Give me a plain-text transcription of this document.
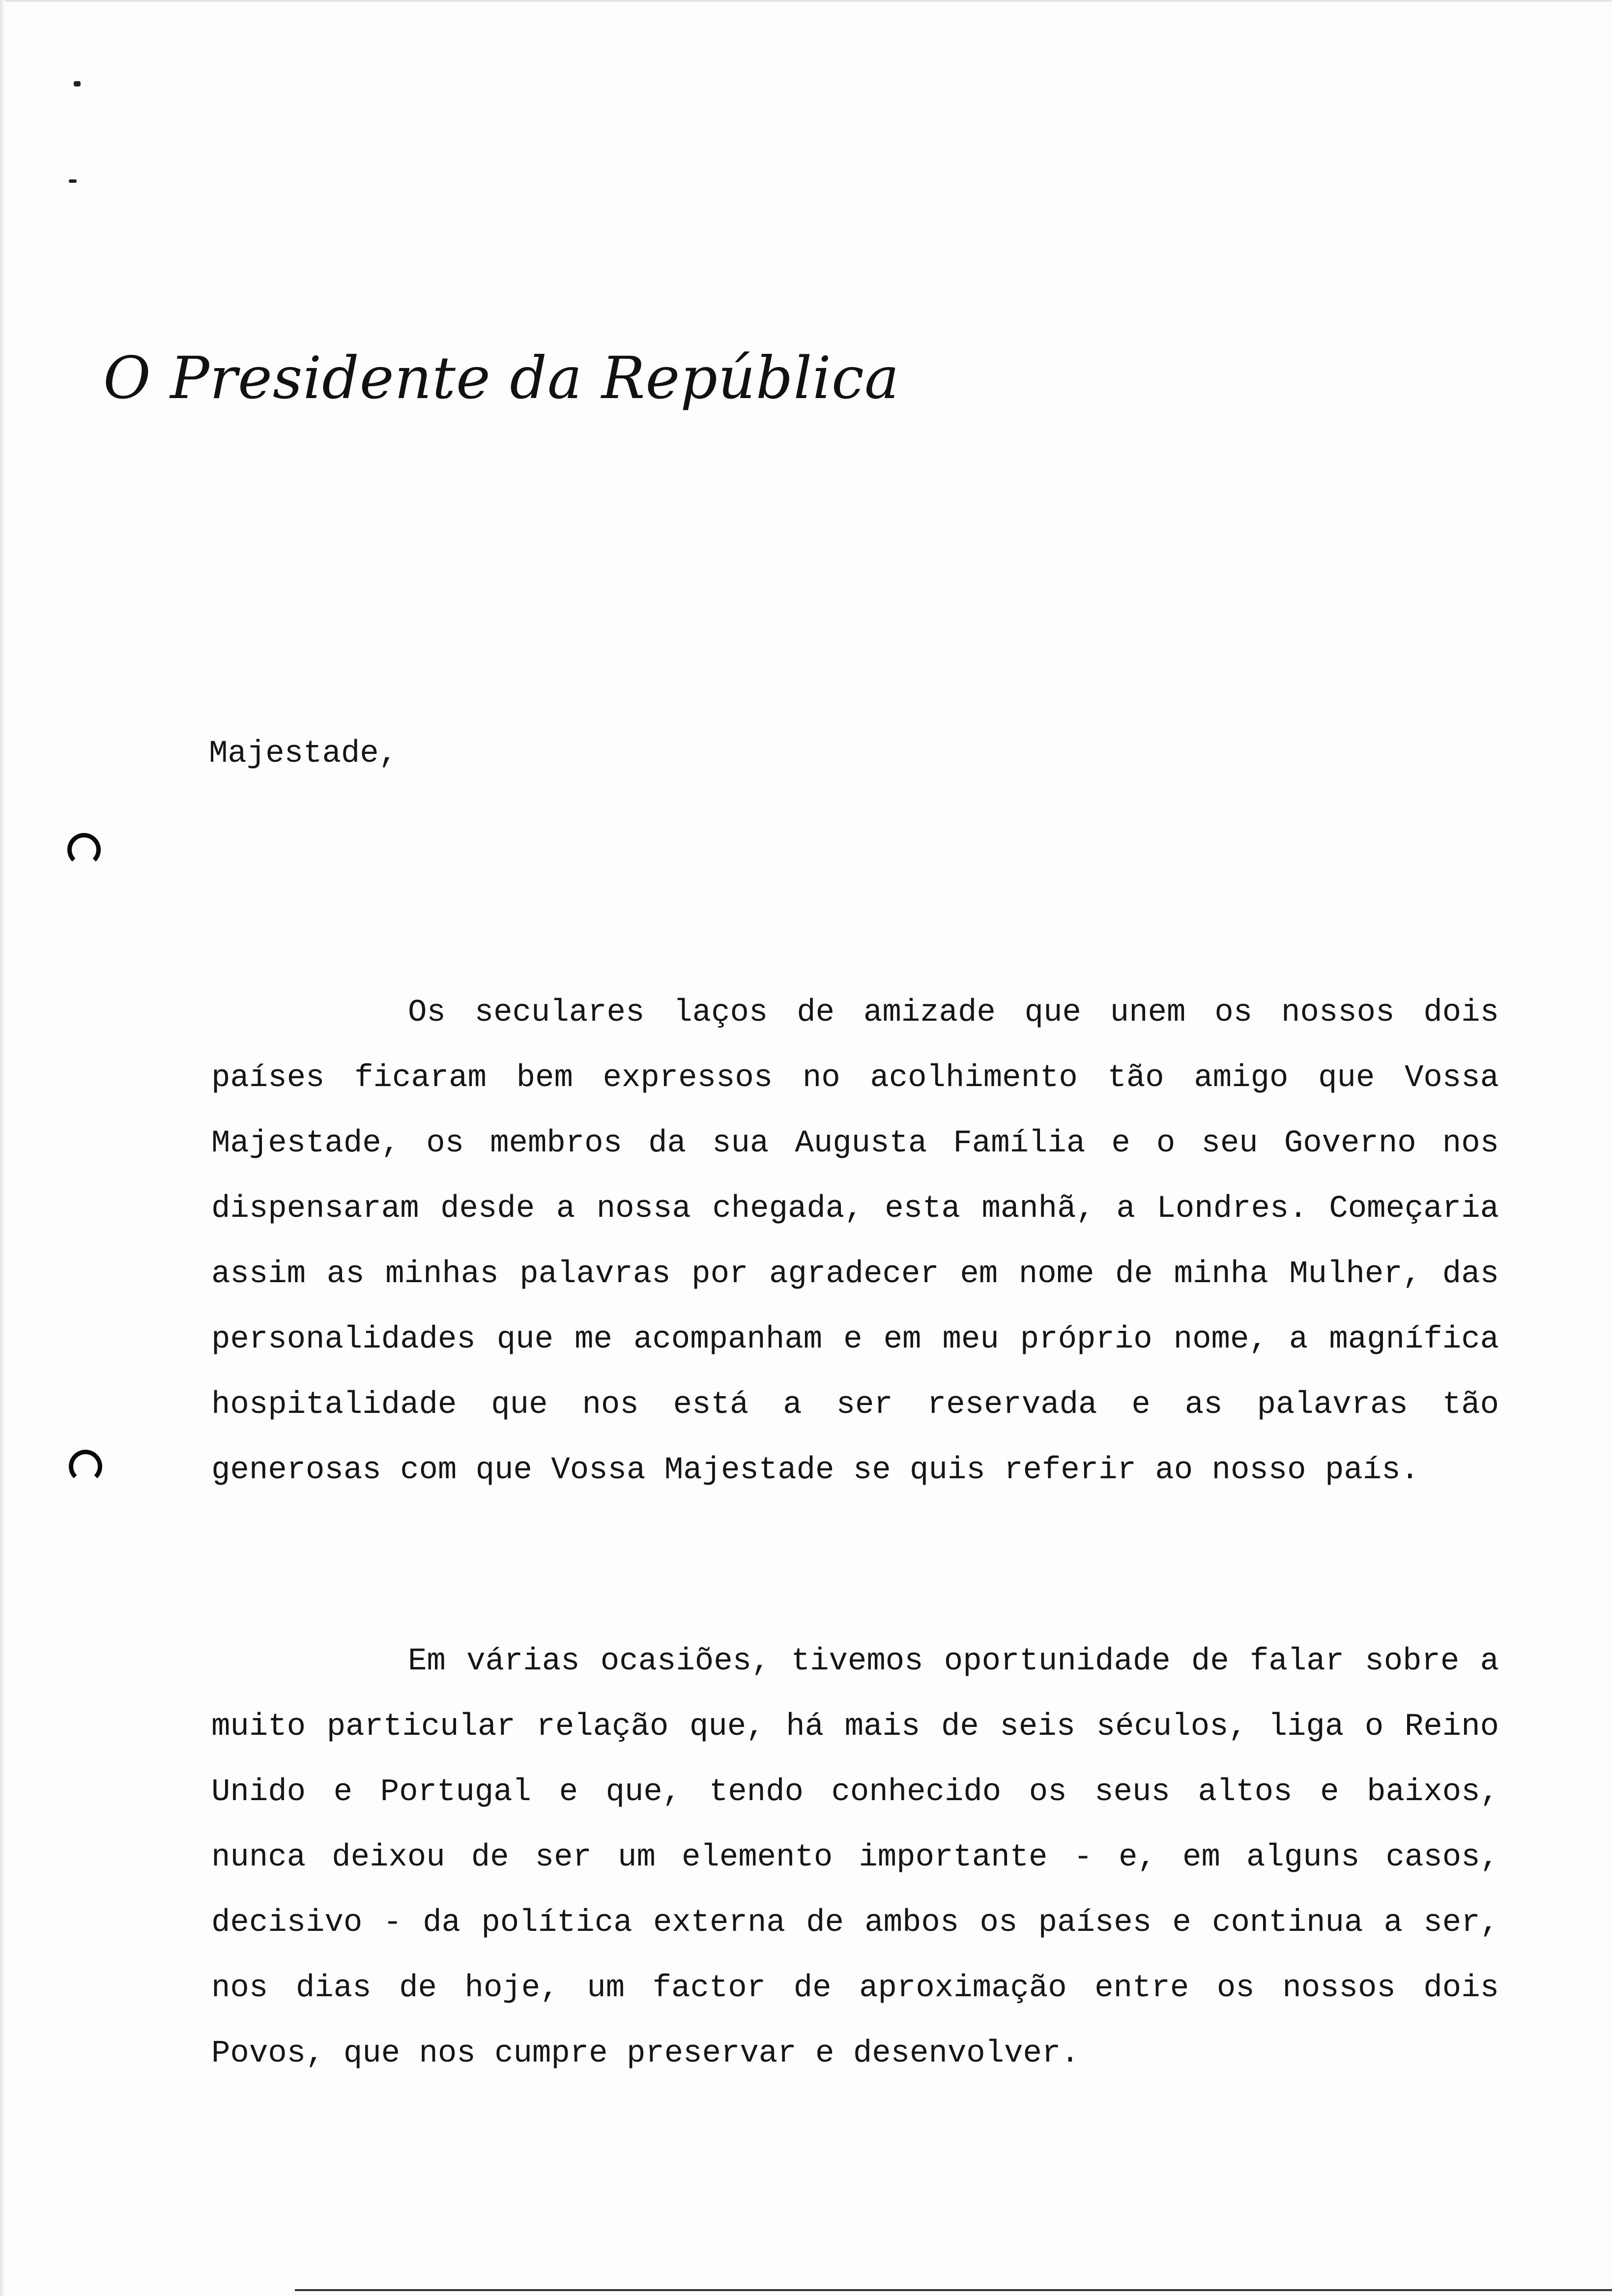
O Presidente da República
Majestade,

Os seculares laços de amizade que unem os nossos dois países ficaram bem expressos no acolhimento tão amigo que Vossa Majestade, os membros da sua Augusta Família e o seu Governo nos dispensaram desde a nossa chegada, esta manhã, a Londres. Começaria assim as minhas palavras por agradecer em nome de minha Mulher, das personalidades que me acompanham e em meu próprio nome, a magnífica hospitalidade que nos está a ser reservada e as palavras tão generosas com que Vossa Majestade se quis referir ao nosso país.

Em várias ocasiões, tivemos oportunidade de falar sobre a muito particular relação que, há mais de seis séculos, liga o Reino Unido e Portugal e que, tendo conhecido os seus altos e baixos, nunca deixou de ser um elemento importante - e, em alguns casos, decisivo - da política externa de ambos os países e continua a ser, nos dias de hoje, um factor de aproximação entre os nossos dois Povos, que nos cumpre preservar e desenvolver.
